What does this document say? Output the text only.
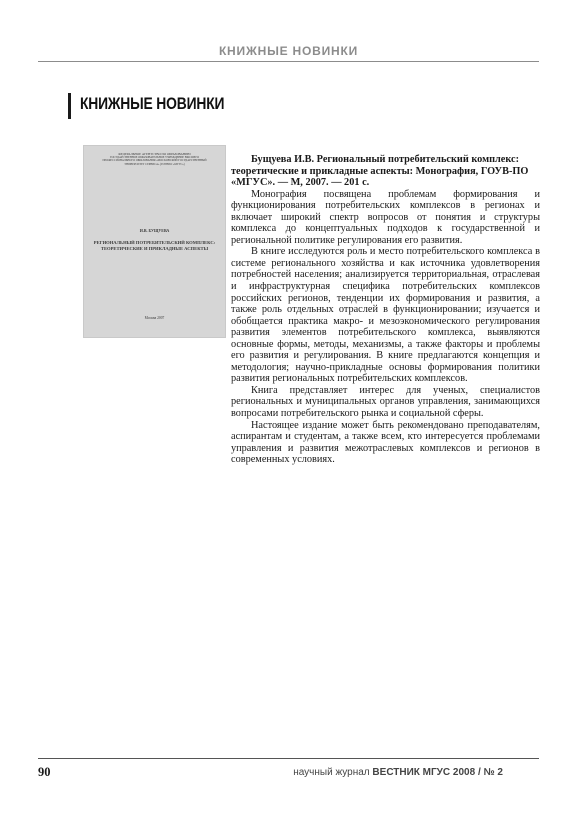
КНИЖНЫЕ НОВИНКИ
КНИЖНЫЕ НОВИНКИ
ФЕДЕРАЛЬНОЕ АГЕНТСТВО ПО ОБРАЗОВАНИЮ
ГОСУДАРСТВЕННОЕ ОБРАЗОВАТЕЛЬНОЕ УЧРЕЖДЕНИЕ ВЫСШЕГО ПРОФЕССИОНАЛЬНОГО ОБРАЗОВАНИЯ «МОСКОВСКИЙ ГОСУДАРСТВЕННЫЙ УНИВЕРСИТЕТ СЕРВИСА» (ГОУВПО «МГУС»)
И.В. БУЩУЕВА
РЕГИОНАЛЬНЫЙ ПОТРЕБИТЕЛЬСКИЙ КОМПЛЕКС: ТЕОРЕТИЧЕСКИЕ И ПРИКЛАДНЫЕ АСПЕКТЫ
Москва 2007

Бущуева И.В. Региональный потребительский комплекс: теоретические и прикладные аспекты: Монография, ГОУВ-ПО «МГУС». — М, 2007. — 201 с.

Монография посвящена проблемам формирования и функционирования потребительских комплексов в регионах и включает широкий спектр вопросов от понятия и структуры комплекса до концептуальных подходов к государственной и региональной политике регулирования его развития.

В книге исследуются роль и место потребительского комплекса в системе регионального хозяйства и как источника удовлетворения потребностей населения; анализируется территориальная, отраслевая и инфраструктурная специфика потребительских комплексов российских регионов, тенденции их формирования и развития, а также роль отдельных отраслей в функционировании; изучается и обобщается практика макро- и мезоэкономического регулирования развития элементов потребительского комплекса, выявляются основные формы, методы, механизмы, а также факторы и проблемы его развития и регулирования. В книге предлагаются концепция и методология; научно-прикладные основы формирования политики развития региональных потребительских комплексов.

Книга представляет интерес для ученых, специалистов региональных и муниципальных органов управления, занимающихся вопросами потребительского рынка и социальной сферы.

Настоящее издание может быть рекомендовано преподавателям, аспирантам и студентам, а также всем, кто интересуется проблемами управления и развития межотраслевых комплексов и регионов в современных условиях.

90	научный журнал ВЕСТНИК МГУС 2008 / № 2
